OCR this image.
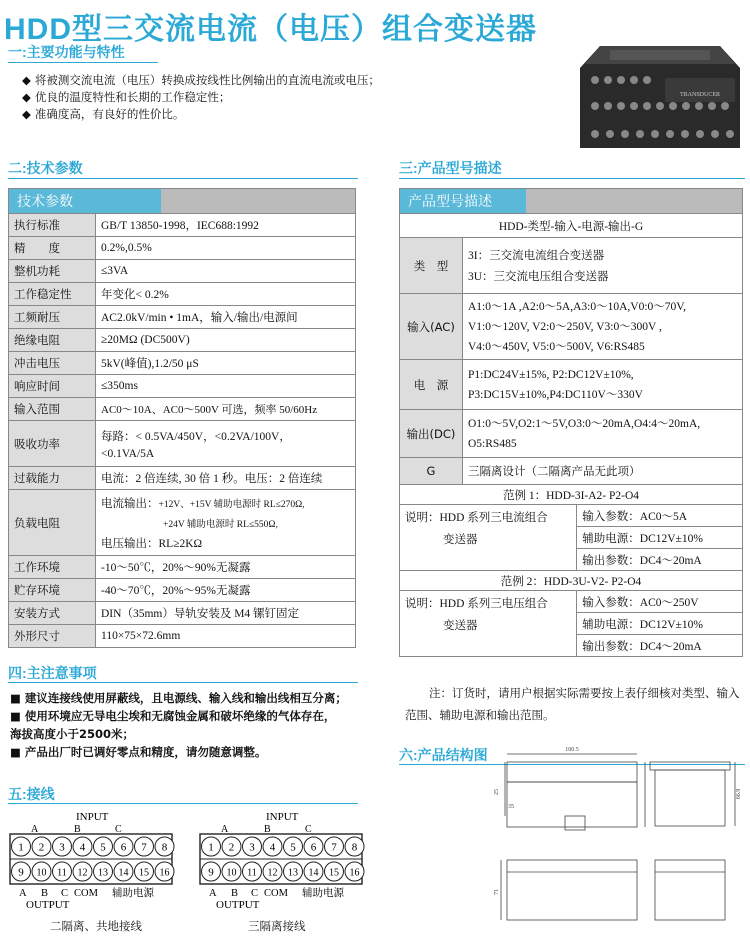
HDD型三交流电流（电压）组合变送器
一:主要功能与特性
◆ 将被测交流电流（电压）转换成按线性比例输出的直流电流或电压；
◆ 优良的温度特性和长期的工作稳定性；
◆ 准确度高，有良好的性价比。
TRANSDUCER
二:技术参数
技术参数	
执行标准	GB/T 13850-1998，IEC688:1992
精　　度	0.2%,0.5%
整机功耗	≤3VA
工作稳定性	年变化< 0.2%
工频耐压	AC2.0kV/min • 1mA，输入/输出/电源间
绝缘电阻	≥20MΩ (DC500V)
冲击电压	5kV(峰值),1.2/50 μS
响应时间	≤350ms
输入范围	AC0～10A、AC0～500V 可选，频率 50/60Hz
吸收功率	每路：< 0.5VA/450V，<0.2VA/100V，
<0.1VA/5A

过载能力	电流：2 倍连续, 30 倍 1 秒。电压：2 倍连续
负载电阻	电流输出：+12V、+15V 辅助电源时 RL≤270Ω,
+24V 辅助电源时 RL≤550Ω,
电压输出：RL≥2KΩ

工作环境	-10～50℃，20%～90%无凝露
贮存环境	-40～70℃，20%～95%无凝露
安装方式	DIN（35mm）导轨安装及 M4 镙钉固定
外形尺寸	110×75×72.6mm
三:产品型号描述
产品型号描述		
HDD-类型-输入-电源-输出-G		
类　型	3I：三交流电流组合变送器
3U：三交流电压组合变送器	

输入(AC)	A1:0～1A ,A2:0～5A,A3:0～10A,V0:0～70V,
V1:0～120V, V2:0～250V, V3:0～300V ,
V4:0～450V, V5:0～500V, V6:RS485	

电　源	P1:DC24V±15%, P2:DC12V±10%,
P3:DC15V±10%,P4:DC110V～330V	

输出(DC)	O1:0～5V,O2:1～5V,O3:0～20mA,O4:4～20mA,
O5:RS485	

G	三隔离设计（二隔离产品无此项）	
范例 1：HDD-3I-A2- P2-O4		

说明：HDD 系列三电流组合
变送器		输入参数：AC0～5A
		辅助电源：DC12V±10%
		输出参数：DC4～20mA
范例 2：HDD-3U-V2- P2-O4		

说明：HDD 系列三电压组合
变送器		输入参数：AC0～250V
		辅助电源：DC12V±10%
		输出参数：DC4～20mA
注：订货时，请用户根据实际需要按上表仔细核对类型、输入范围、辅助电源和输出范围。
四:主注意事项
■ 建议连接线使用屏蔽线，且电源线、输入线和输出线相互分离；
■ 使用环境应无导电尘埃和无腐蚀金属和破坏绝缘的气体存在，
海拔高度小于2500米；
■ 产品出厂时已调好零点和精度，请勿随意调整。
五:接线
INPUT
A	B	C
1 2 3 4 5 6 7 8
9 10 11 12 13 14 15 16
A B C COM 辅助电源
OUTPUT
INPUT
A	B	C
1 2 3 4 5 6 7 8
9 10 11 12 13 14 15 16
A B C COM 辅助电源
OUTPUT
二隔离、共地接线	三隔离接线
六:产品结构图	100.5
25
35
66.9
71
